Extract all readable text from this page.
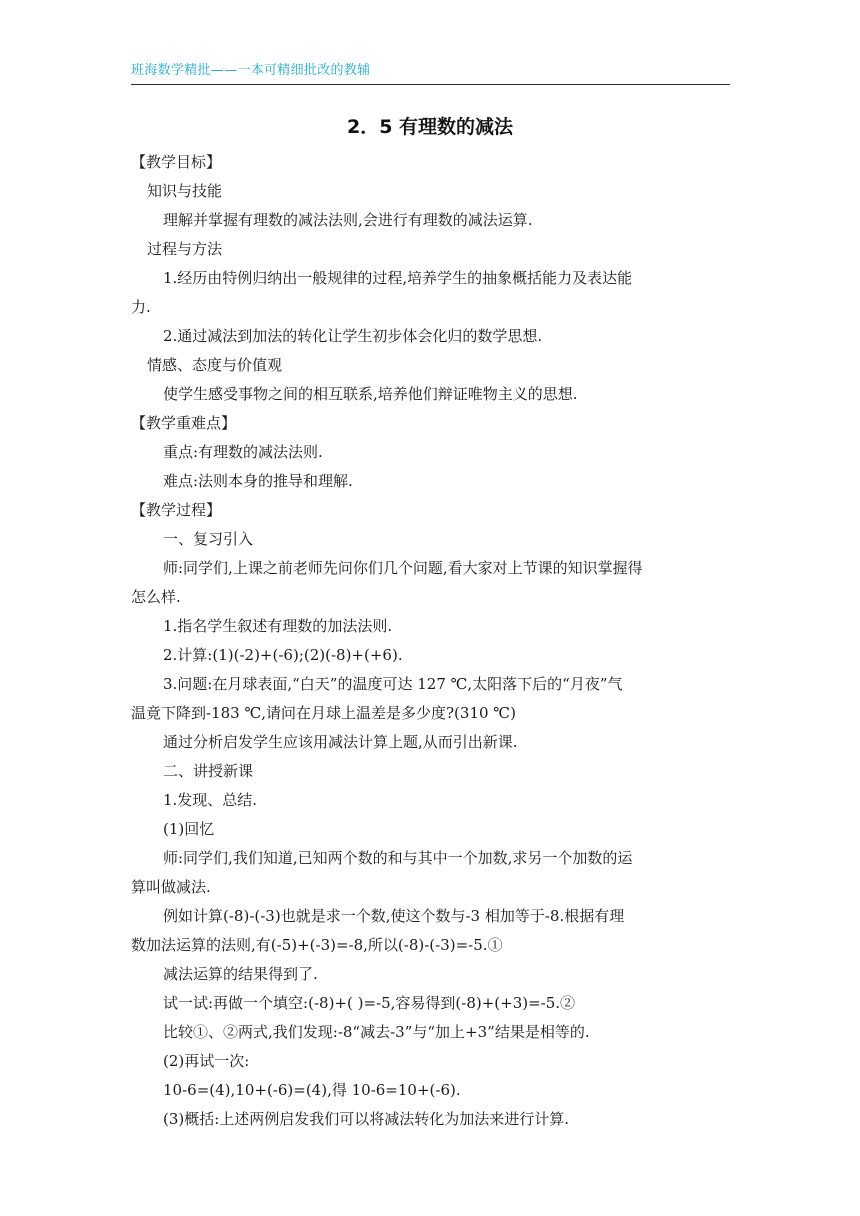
班海数学精批——一本可精细批改的教辅
2．5 有理数的减法
【教学目标】
知识与技能
理解并掌握有理数的减法法则,会进行有理数的减法运算.
过程与方法
1.经历由特例归纳出一般规律的过程,培养学生的抽象概括能力及表达能
力.
2.通过减法到加法的转化让学生初步体会化归的数学思想.
情感、态度与价值观
使学生感受事物之间的相互联系,培养他们辩证唯物主义的思想.
【教学重难点】
重点:有理数的减法法则.
难点:法则本身的推导和理解.
【教学过程】
一、复习引入
师:同学们,上课之前老师先问你们几个问题,看大家对上节课的知识掌握得
怎么样.
1.指名学生叙述有理数的加法法则.
2.计算:(1)(-2)+(-6);(2)(-8)+(+6).
3.问题:在月球表面,“白天”的温度可达 127 ℃,太阳落下后的“月夜”气
温竟下降到-183 ℃,请问在月球上温差是多少度?(310 ℃)
通过分析启发学生应该用减法计算上题,从而引出新课.
二、讲授新课
1.发现、总结.
(1)回忆
师:同学们,我们知道,已知两个数的和与其中一个加数,求另一个加数的运
算叫做减法.
例如计算(-8)-(-3)也就是求一个数,使这个数与-3 相加等于-8.根据有理
数加法运算的法则,有(-5)+(-3)=-8,所以(-8)-(-3)=-5.①
减法运算的结果得到了.
试一试:再做一个填空:(-8)+( )=-5,容易得到(-8)+(+3)=-5.②
比较①、②两式,我们发现:-8“减去-3”与“加上+3”结果是相等的.
(2)再试一次:
10-6=(4),10+(-6)=(4),得 10-6=10+(-6).
(3)概括:上述两例启发我们可以将减法转化为加法来进行计算.
